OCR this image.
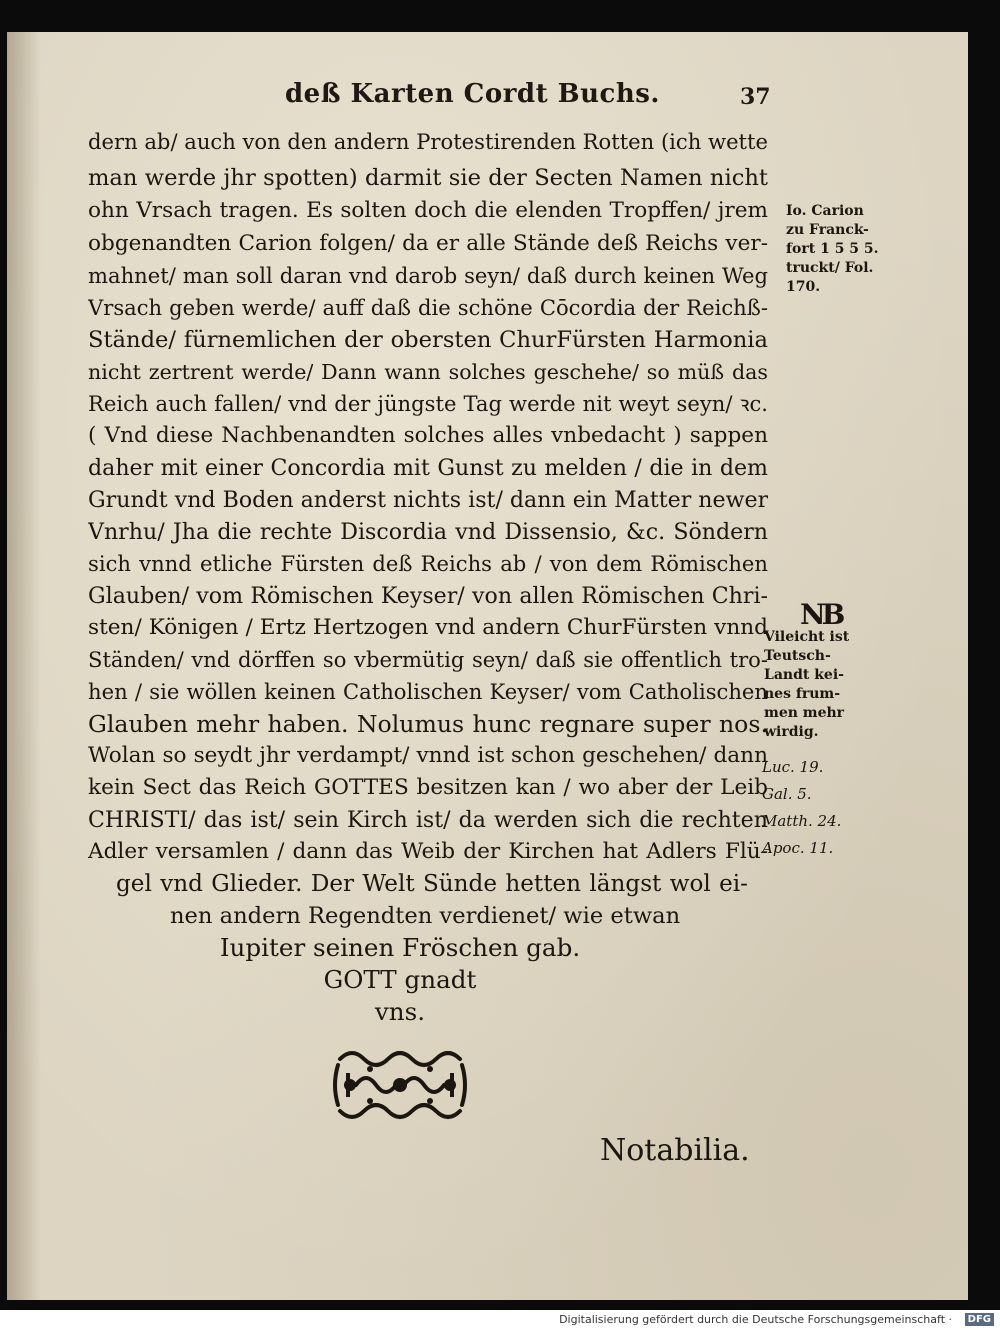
deß Karten Cordt Buchs.	37
dern ab/ auch von den andern Protestirenden Rotten (ich wette
man werde jhr spotten) darmit sie der Secten Namen nicht
ohn Vrsach tragen. Es solten doch die elenden Tropffen/ jrem
obgenandten Carion folgen/ da er alle Stände deß Reichs ver-
mahnet/ man soll daran vnd darob seyn/ daß durch keinen Weg
Vrsach geben werde/ auff daß die schöne Cōcordia der Reichß-
Stände/ fürnemlichen der obersten ChurFürsten Harmonia
nicht zertrent werde/ Dann wann solches geschehe/ so müß das
Reich auch fallen/ vnd der jüngste Tag werde nit weyt seyn/ ꝛc.
( Vnd diese Nachbenandten solches alles vnbedacht ) sappen
daher mit einer Concordia mit Gunst zu melden / die in dem
Grundt vnd Boden anderst nichts ist/ dann ein Matter newer
Vnrhu/ Jha die rechte Discordia vnd Dissensio, &c. Söndern
sich vnnd etliche Fürsten deß Reichs ab / von dem Römischen
Glauben/ vom Römischen Keyser/ von allen Römischen Chri-
sten/ Königen / Ertz Hertzogen vnd andern ChurFürsten vnnd
Ständen/ vnd dörffen so vbermütig seyn/ daß sie offentlich tro-
hen / sie wöllen keinen Catholischen Keyser/ vom Catholischen
Glauben mehr haben. Nolumus hunc regnare super nos.
Wolan so seydt jhr verdampt/ vnnd ist schon geschehen/ dann
kein Sect das Reich GOTTES besitzen kan / wo aber der Leib
CHRISTI/ das ist/ sein Kirch ist/ da werden sich die rechten
Adler versamlen / dann das Weib der Kirchen hat Adlers Flü-
gel vnd Glieder. Der Welt Sünde hetten längst wol ei-
nen andern Regendten verdienet/ wie etwan
Iupiter seinen Fröschen gab.
GOTT gnadt
vns.
Io. Carion
zu Franck-
fort 1 5 5 5.
truckt/ Fol.
170.
NB
Vileicht ist
Teutsch-
Landt kei-
nes frum-
men mehr
wirdig.
Luc. 19.
Gal. 5.
Matth. 24.
Apoc. 11.
Notabilia.
Digitalisierung gefördert durch die Deutsche Forschungsgemeinschaft ·	DFG
